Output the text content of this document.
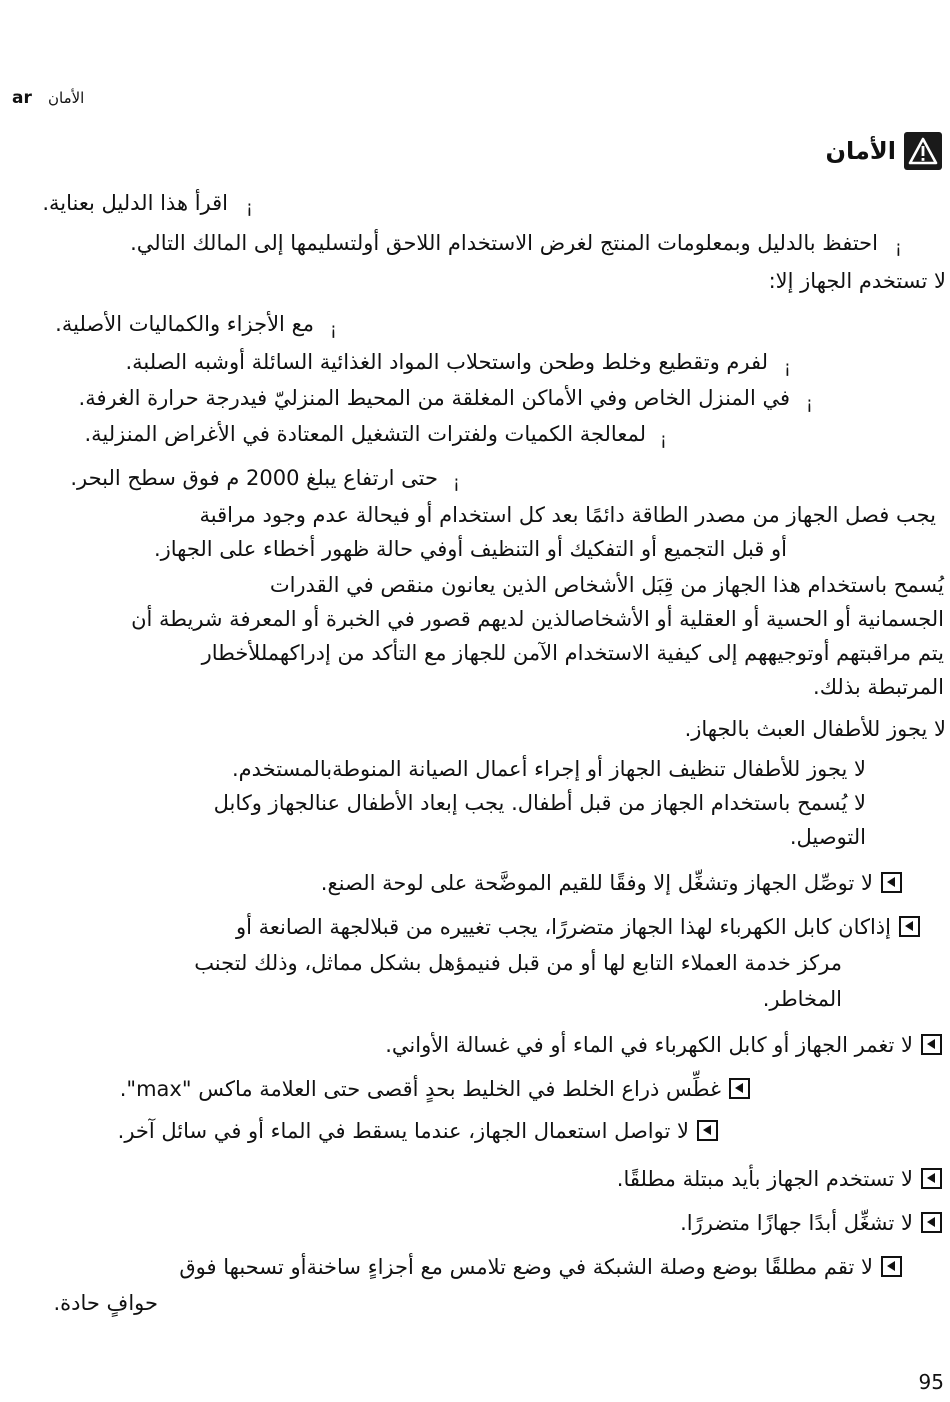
ar الأمان
الأمان
اقرأ هذا الدليل بعناية. ¡
احتفظ بالدليل وبمعلومات المنتج لغرض الاستخدام اللاحق أولتسليمها إلى المالك التالي. ¡
لا تستخدم الجهاز إلا:
مع الأجزاء والكماليات الأصلية. ¡
لفرم وتقطيع وخلط وطحن واستحلاب المواد الغذائية السائلة أوشبه الصلبة. ¡
في المنزل الخاص وفي الأماكن المغلقة من المحيط المنزليّ فيدرجة حرارة الغرفة. ¡
لمعالجة الكميات ولفترات التشغيل المعتادة في الأغراض المنزلية. ¡
حتى ارتفاع يبلغ 2000 م فوق سطح البحر. ¡
يجب فصل الجهاز من مصدر الطاقة دائمًا بعد كل استخدام أو فيحالة عدم وجود مراقبة
أو قبل التجميع أو التفكيك أو التنظيف أوفي حالة ظهور أخطاء على الجهاز.
يُسمح باستخدام هذا الجهاز من قِبَل الأشخاص الذين يعانون منقص في القدرات
الجسمانية أو الحسية أو العقلية أو الأشخاصالذين لديهم قصور في الخبرة أو المعرفة شريطة أن
يتم مراقبتهم أوتوجيههم إلى كيفية الاستخدام الآمن للجهاز مع التأكد من إدراكهمللأخطار
المرتبطة بذلك.
لا يجوز للأطفال العبث بالجهاز.
لا يجوز للأطفال تنظيف الجهاز أو إجراء أعمال الصيانة المنوطةبالمستخدم.
لا يُسمح باستخدام الجهاز من قبل أطفال. يجب إبعاد الأطفال عنالجهاز وكابل
التوصيل.
لا توصِّل الجهاز وتشغِّل إلا وفقًا للقيم الموضَّحة على لوحة الصنع.
إذاكان كابل الكهرباء لهذا الجهاز متضررًا، يجب تغييره من قبلالجهة الصانعة أو
مركز خدمة العملاء التابع لها أو من قبل فنيمؤهل بشكل مماثل، وذلك لتجنب
المخاطر.
لا تغمر الجهاز أو كابل الكهرباء في الماء أو في غسالة الأواني.
غطِّس ذراع الخلط في الخليط بحدٍ أقصى حتى العلامة ماكس "max".
لا تواصل استعمال الجهاز، عندما يسقط في الماء أو في سائل آخر.
لا تستخدم الجهاز بأيد مبتلة مطلقًا.
لا تشغِّل أبدًا جهازًا متضررًا.
لا تقم مطلقًا بوضع وصلة الشبكة في وضع تلامس مع أجزاءٍ ساخنةأو تسحبها فوق
حوافٍ حادة.
95
